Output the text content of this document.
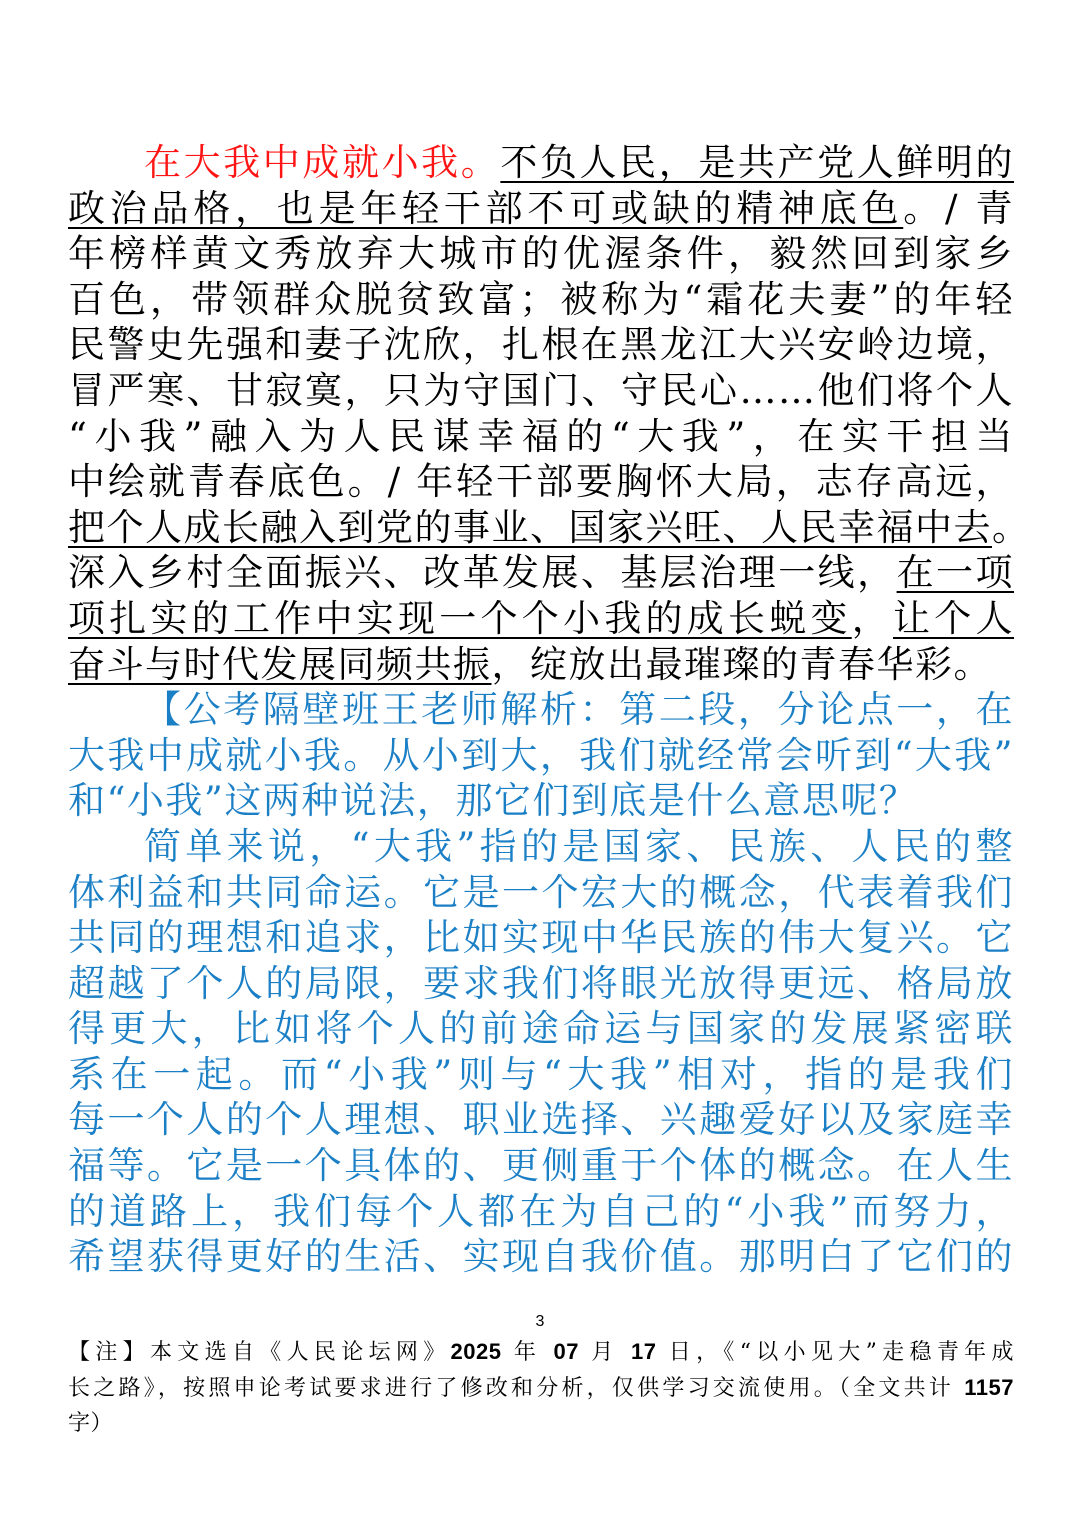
在大我中成就小我。不负人民，是共产党人鲜明的
政治品格，也是年轻干部不可或缺的精神底色。/ 青
年榜样黄文秀放弃大城市的优渥条件，毅然回到家乡
百色，带领群众脱贫致富；被称为“霜花夫妻”的年轻
民警史先强和妻子沈欣，扎根在黑龙江大兴安岭边境，
冒严寒、甘寂寞，只为守国门、守民心……他们将个人
“小我”融入为人民谋幸福的“大我”，在实干担当
中绘就青春底色。/ 年轻干部要胸怀大局，志存高远，
把个人成长融入到党的事业、国家兴旺、人民幸福中去。
深入乡村全面振兴、改革发展、基层治理一线，在一项
项扎实的工作中实现一个个小我的成长蜕变，让个人
奋斗与时代发展同频共振，绽放出最璀璨的青春华彩。
【公考隔壁班王老师解析：第二段，分论点一，在
大我中成就小我。从小到大，我们就经常会听到“大我”
和“小我”这两种说法，那它们到底是什么意思呢？
简单来说，“大我”指的是国家、民族、人民的整
体利益和共同命运。它是一个宏大的概念，代表着我们
共同的理想和追求，比如实现中华民族的伟大复兴。它
超越了个人的局限，要求我们将眼光放得更远、格局放
得更大，比如将个人的前途命运与国家的发展紧密联
系在一起。而“小我”则与“大我”相对，指的是我们
每一个人的个人理想、职业选择、兴趣爱好以及家庭幸
福等。它是一个具体的、更侧重于个体的概念。在人生
的道路上，我们每个人都在为自己的“小我”而努力，
希望获得更好的生活、实现自我价值。那明白了它们的
3
【注】本文选自《人民论坛网》2025 年 07 月 17 日，《“以小见大”走稳青年成
长之路》，按照申论考试要求进行了修改和分析，仅供学习交流使用。（全文共计 1157
字）
